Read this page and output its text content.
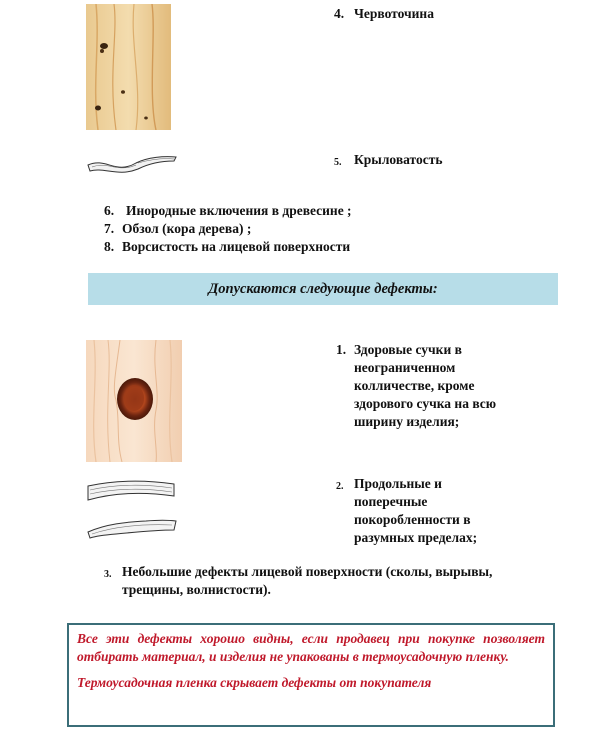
4. Червоточина
5. Крыловатость
6. Инородные включения в древесине ;
7. Обзол (кора дерева) ;
8. Ворсистость на лицевой поверхности
Допускаются следующие дефекты:
1. Здоровые сучки в
неограниченном
колличестве, кроме
здорового сучка на всю
ширину изделия;
2. Продольные и
поперечные
покоробленности в
разумных пределах;
3. Небольшие дефекты лицевой поверхности (сколы, вырывы,
трещины, волнистости).

Все эти дефекты хорошо видны, если продавец при покупке позволяет отбирать материал, и изделия не упакованы в термоусадочную пленку.

Термоусадочная пленка скрывает дефекты от покупателя
